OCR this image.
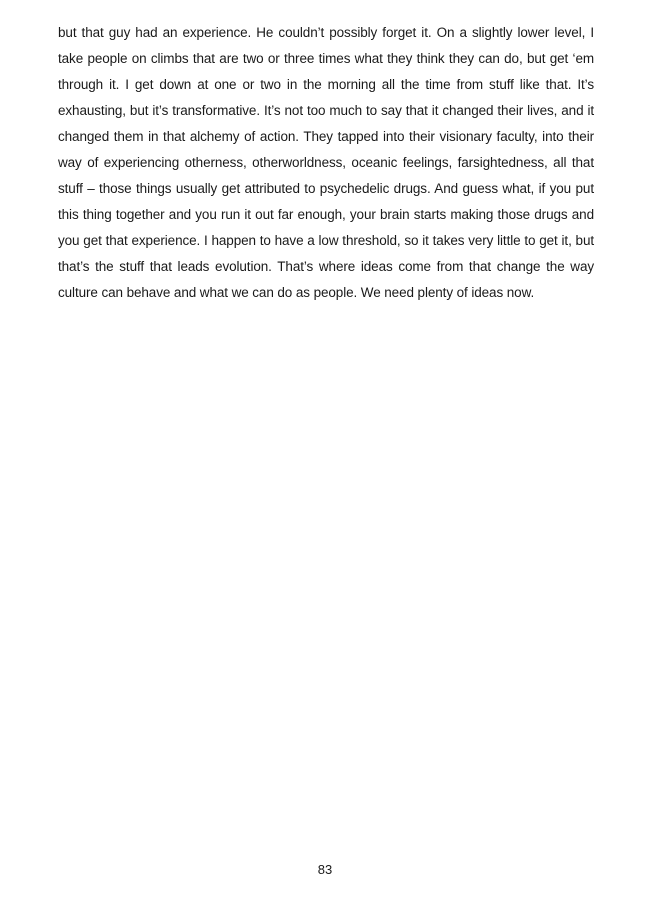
but that guy had an experience. He couldn’t possibly forget it. On a slightly lower level, I take people on climbs that are two or three times what they think they can do, but get ‘em through it. I get down at one or two in the morning all the time from stuff like that. It’s exhausting, but it’s transformative. It’s not too much to say that it changed their lives, and it changed them in that alchemy of action. They tapped into their visionary faculty, into their way of experiencing otherness, otherworldness, oceanic feelings, farsightedness, all that stuff – those things usually get attributed to psychedelic drugs. And guess what, if you put this thing together and you run it out far enough, your brain starts making those drugs and you get that experience. I happen to have a low threshold, so it takes very little to get it, but that’s the stuff that leads evolution. That’s where ideas come from that change the way culture can behave and what we can do as people. We need plenty of ideas now.

83
